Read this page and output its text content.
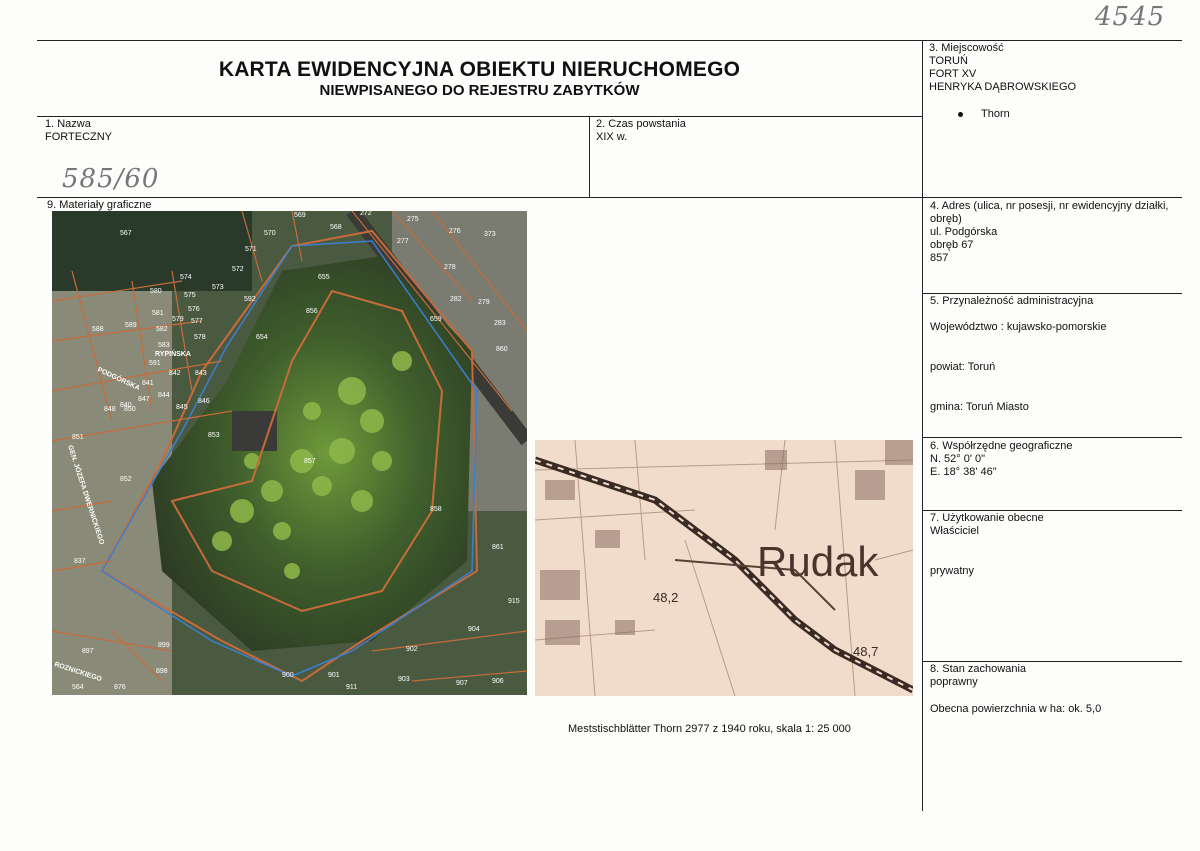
4545
KARTA EWIDENCYJNA OBIEKTU NIERUCHOMEGO
NIEWPISANEGO DO REJESTRU ZABYTKÓW
3. Miejscowość
TORUŃ
FORT XV
HENRYKA DĄBROWSKIEGO
Thorn
1. Nazwa
FORTECZNY
585/60
2. Czas powstania
XIX w.
9. Materiały graficzne
567
569	272
568
275
276	373
570
571
277
572	278
574
580
575
573
592
655
282 279
576
581
579 577
588
589
856
659
283
582
578
583
654
860
591
842 843
RYPIŃSKA
PODGÓRSKA
840
841
844
847	846
845
848 850
853
851
852
857
GEN. JÓZEFA DWERNICKIEGO	858
837
861
915
899
904
897	902
898
900	901
903
907
911
564	876
ROZNICKIEGO	906
Rudak
48,2
48,7
Meststischblätter Thorn 2977 z 1940 roku, skala 1: 25 000
4. Adres (ulica, nr posesji, nr ewidencyjny działki, obręb)
ul. Podgórska
obręb 67
857
5. Przynależność administracyjna
Województwo : kujawsko-pomorskie
powiat: Toruń
gmina: Toruń Miasto
6. Współrzędne geograficzne
N. 52° 0' 0"
E. 18° 38' 46"
7. Użytkowanie obecne
Właściciel
prywatny
8. Stan zachowania
poprawny
Obecna powierzchnia w ha: ok. 5,0
